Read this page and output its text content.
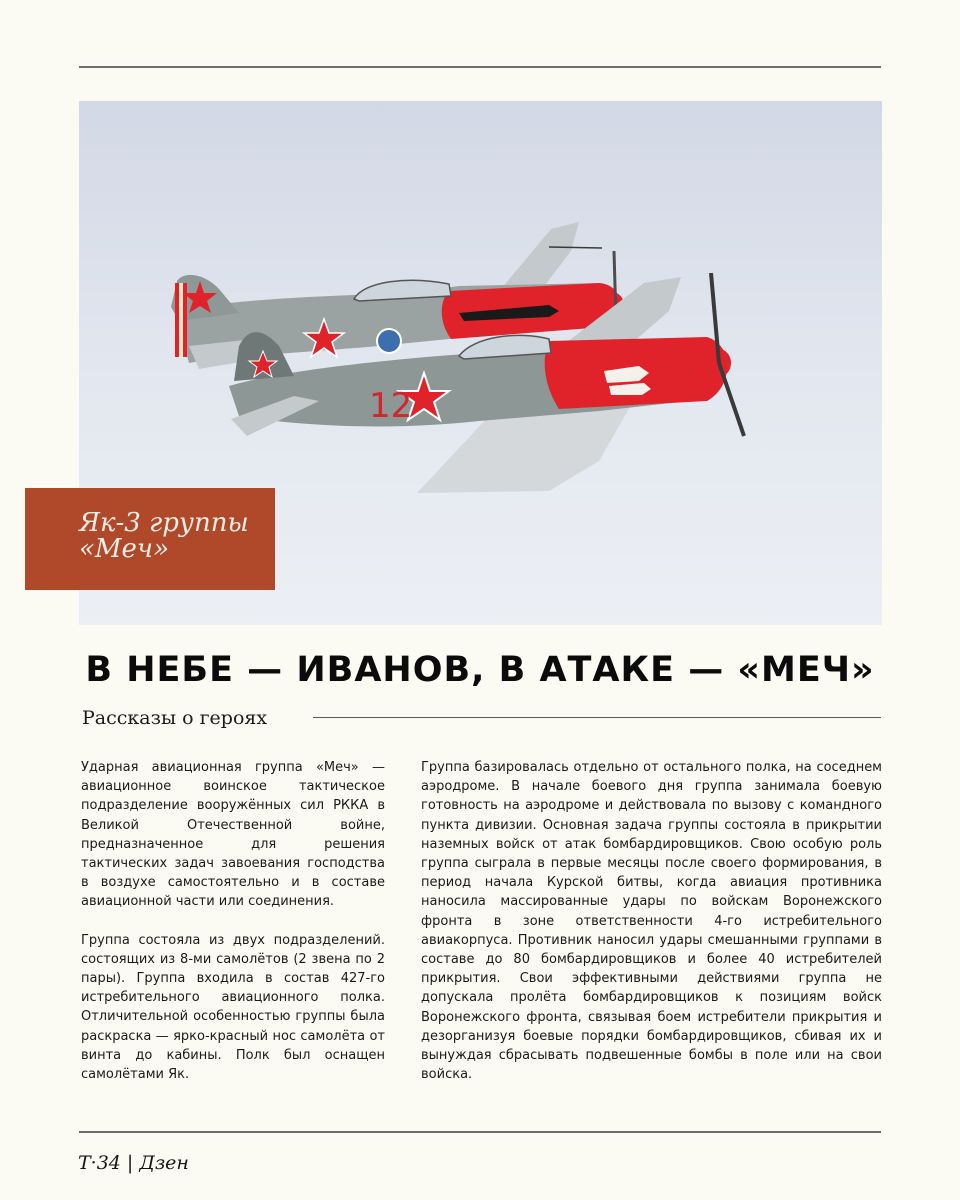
12
Як-3 группы
«Меч»
В НЕБЕ — ИВАНОВ, В АТАКЕ — «МЕЧ»
Рассказы о героях

Ударная авиационная группа «Меч» — авиационное воинское тактическое подразделение вооружённых сил РККА в Великой Отечественной войне, предназначенное для решения тактических задач завоевания господства в воздухе самостоятельно и в составе авиационной части или соединения.

Группа состояла из двух подразделений. состоящих из 8-ми самолётов (2 звена по 2 пары). Группа входила в состав 427-го истребительного авиационного полка. Отличительной особенностью группы была раскраска — ярко-красный нос самолёта от винта до кабины. Полк был оснащен самолётами Як.

Группа базировалась отдельно от остального полка, на соседнем аэродроме. В начале боевого дня группа занимала боевую готовность на аэродроме и действовала по вызову с командного пункта дивизии. Основная задача группы состояла в прикрытии наземных войск от атак бомбардировщиков. Свою особую роль группа сыграла в первые месяцы после своего формирования, в период начала Курской битвы, когда авиация противника наносила массированные удары по войскам Воронежского фронта в зоне ответственности 4-го истребительного авиакорпуса. Противник наносил удары смешанными группами в составе до 80 бомбардировщиков и более 40 истребителей прикрытия. Свои эффективными действиями группа не допускала пролёта бомбардировщиков к позициям войск Воронежского фронта, связывая боем истребители прикрытия и дезорганизуя боевые порядки бомбардировщиков, сбивая их и вынуждая сбрасывать подвешенные бомбы в поле или на свои войска.

Т·34 | Дзен
